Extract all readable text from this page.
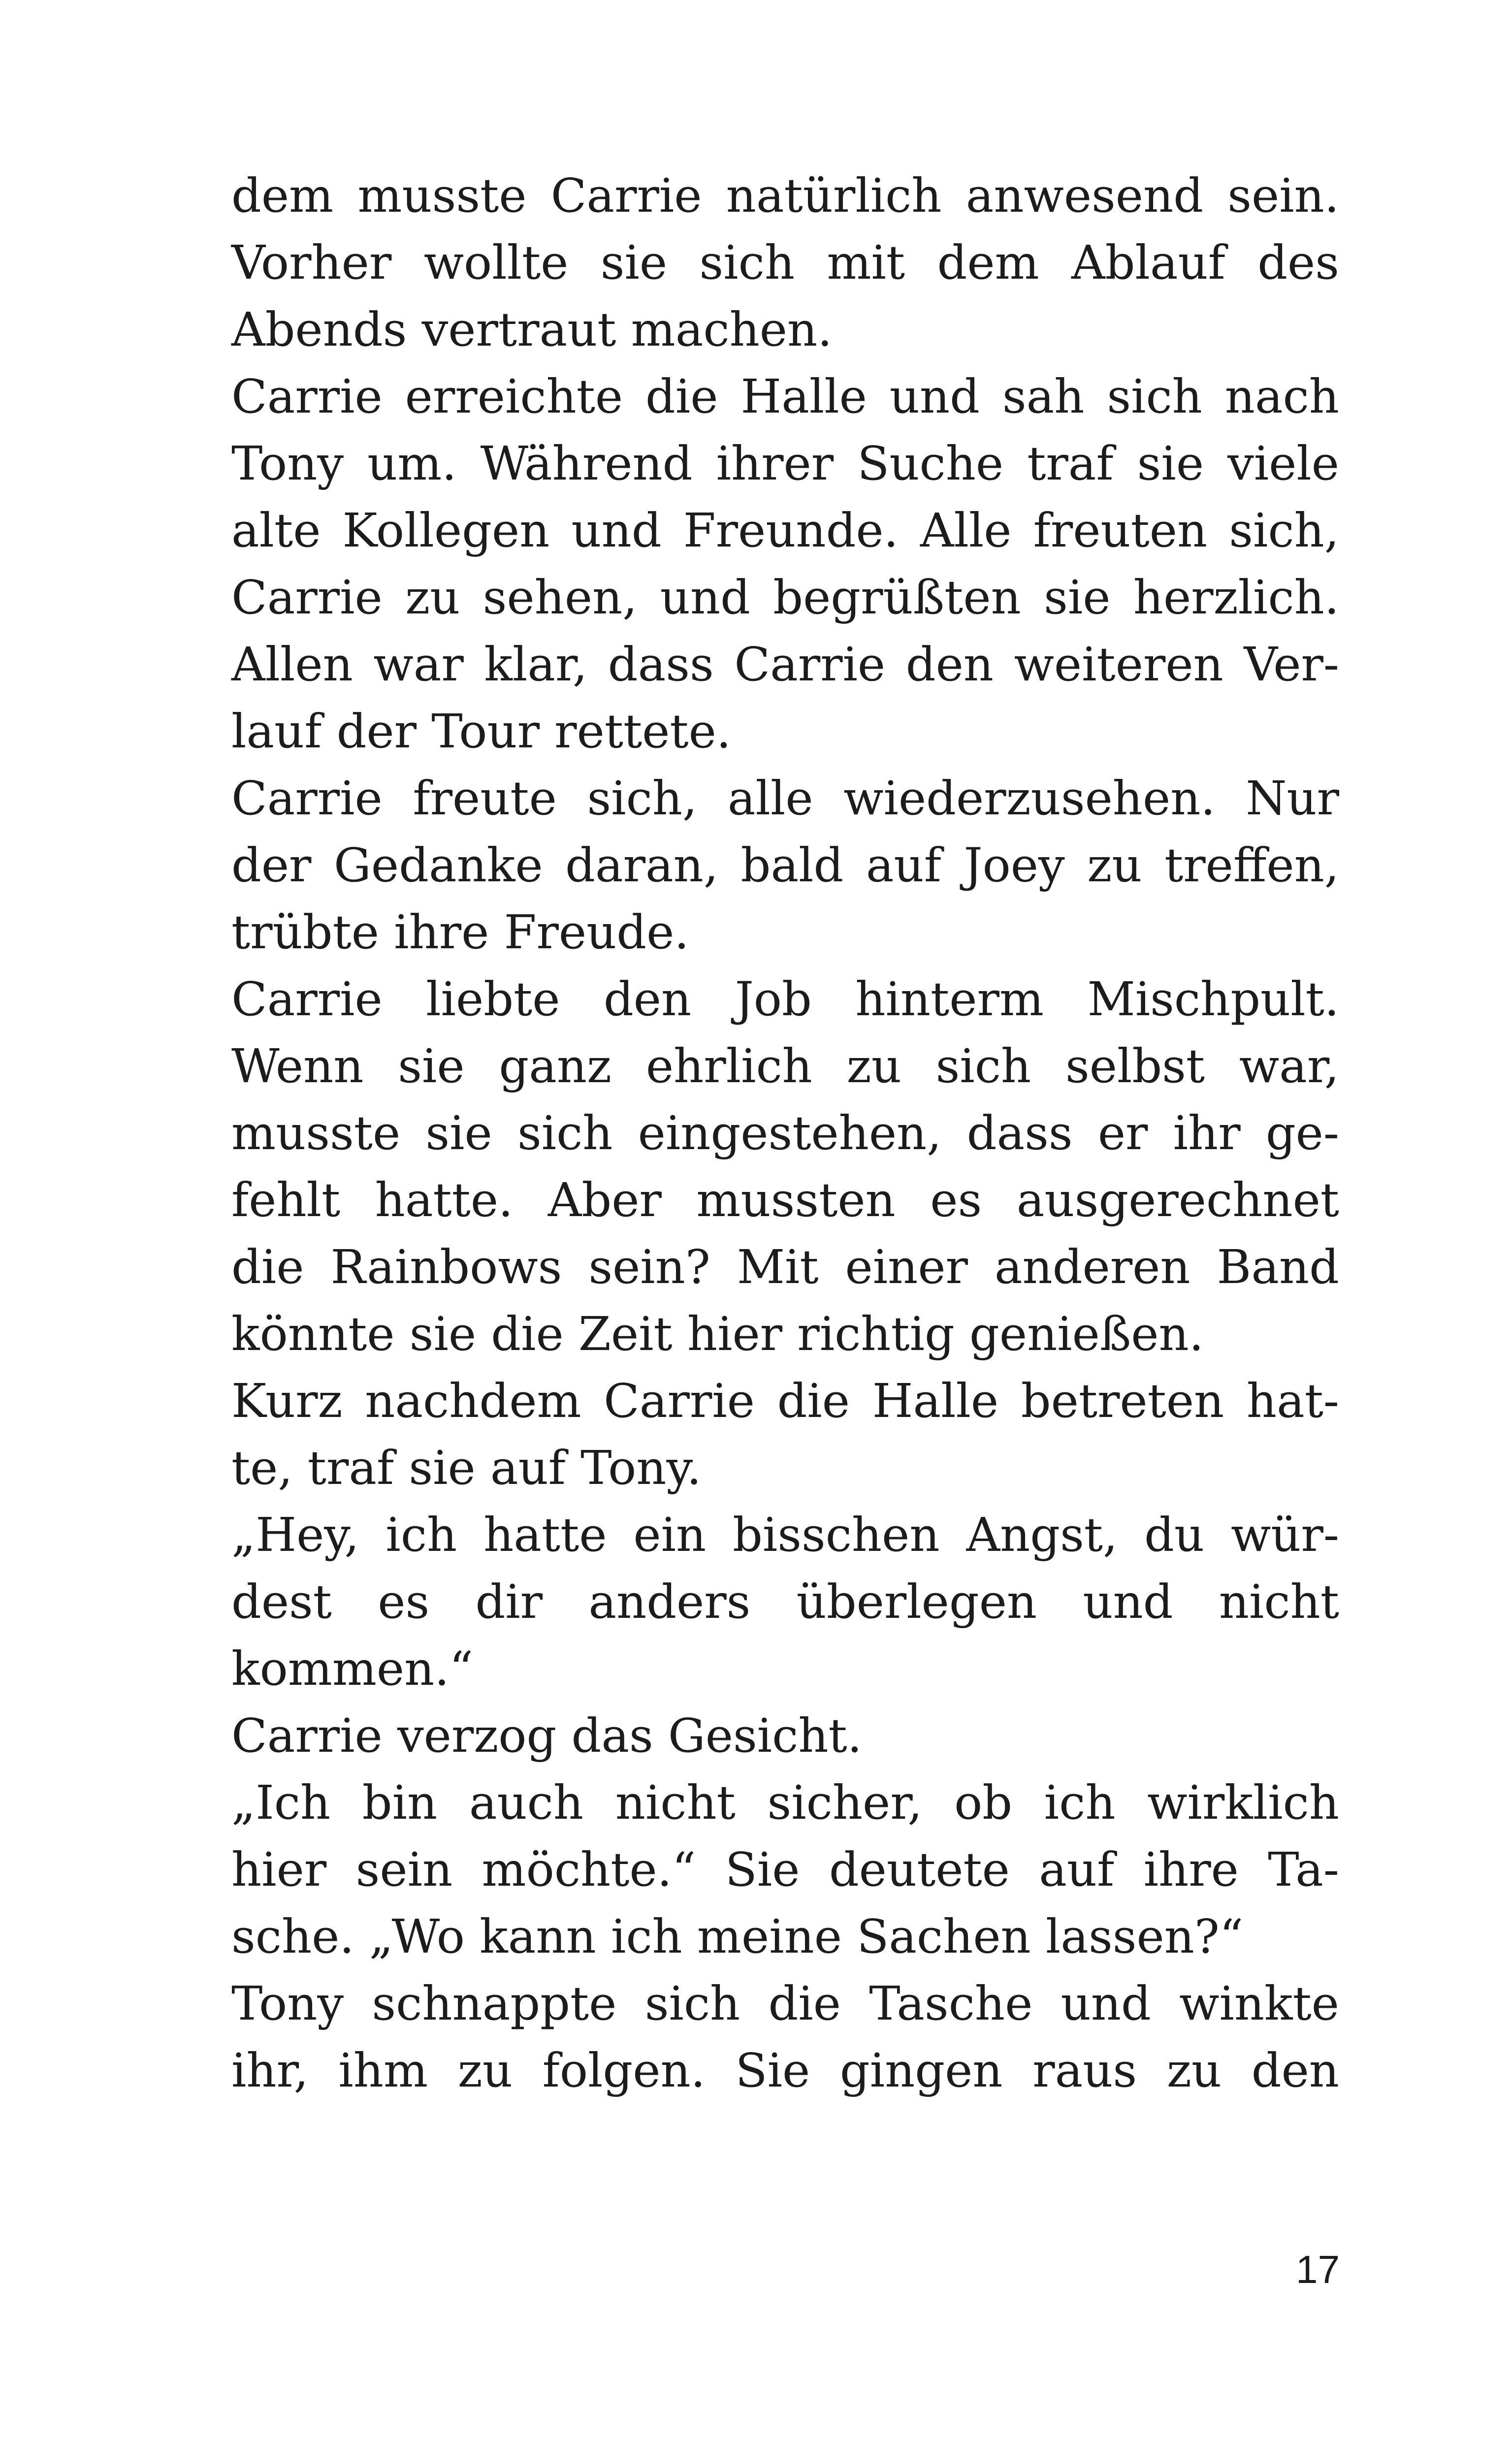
dem musste Carrie natürlich anwesend sein.
Vorher wollte sie sich mit dem Ablauf des
Abends vertraut machen.
Carrie erreichte die Halle und sah sich nach
Tony um. Während ihrer Suche traf sie viele
alte Kollegen und Freunde. Alle freuten sich,
Carrie zu sehen, und begrüßten sie herzlich.
Allen war klar, dass Carrie den weiteren Ver-
lauf der Tour rettete.
Carrie freute sich, alle wiederzusehen. Nur
der Gedanke daran, bald auf Joey zu treffen,
trübte ihre Freude.
Carrie liebte den Job hinterm Mischpult.
Wenn sie ganz ehrlich zu sich selbst war,
musste sie sich eingestehen, dass er ihr ge-
fehlt hatte. Aber mussten es ausgerechnet
die Rainbows sein? Mit einer anderen Band
könnte sie die Zeit hier richtig genießen.
Kurz nachdem Carrie die Halle betreten hat-
te, traf sie auf Tony.
„Hey, ich hatte ein bisschen Angst, du wür-
dest es dir anders überlegen und nicht
kommen.“
Carrie verzog das Gesicht.
„Ich bin auch nicht sicher, ob ich wirklich
hier sein möchte.“ Sie deutete auf ihre Ta-
sche. „Wo kann ich meine Sachen lassen?“
Tony schnappte sich die Tasche und winkte
ihr, ihm zu folgen. Sie gingen raus zu den
17
